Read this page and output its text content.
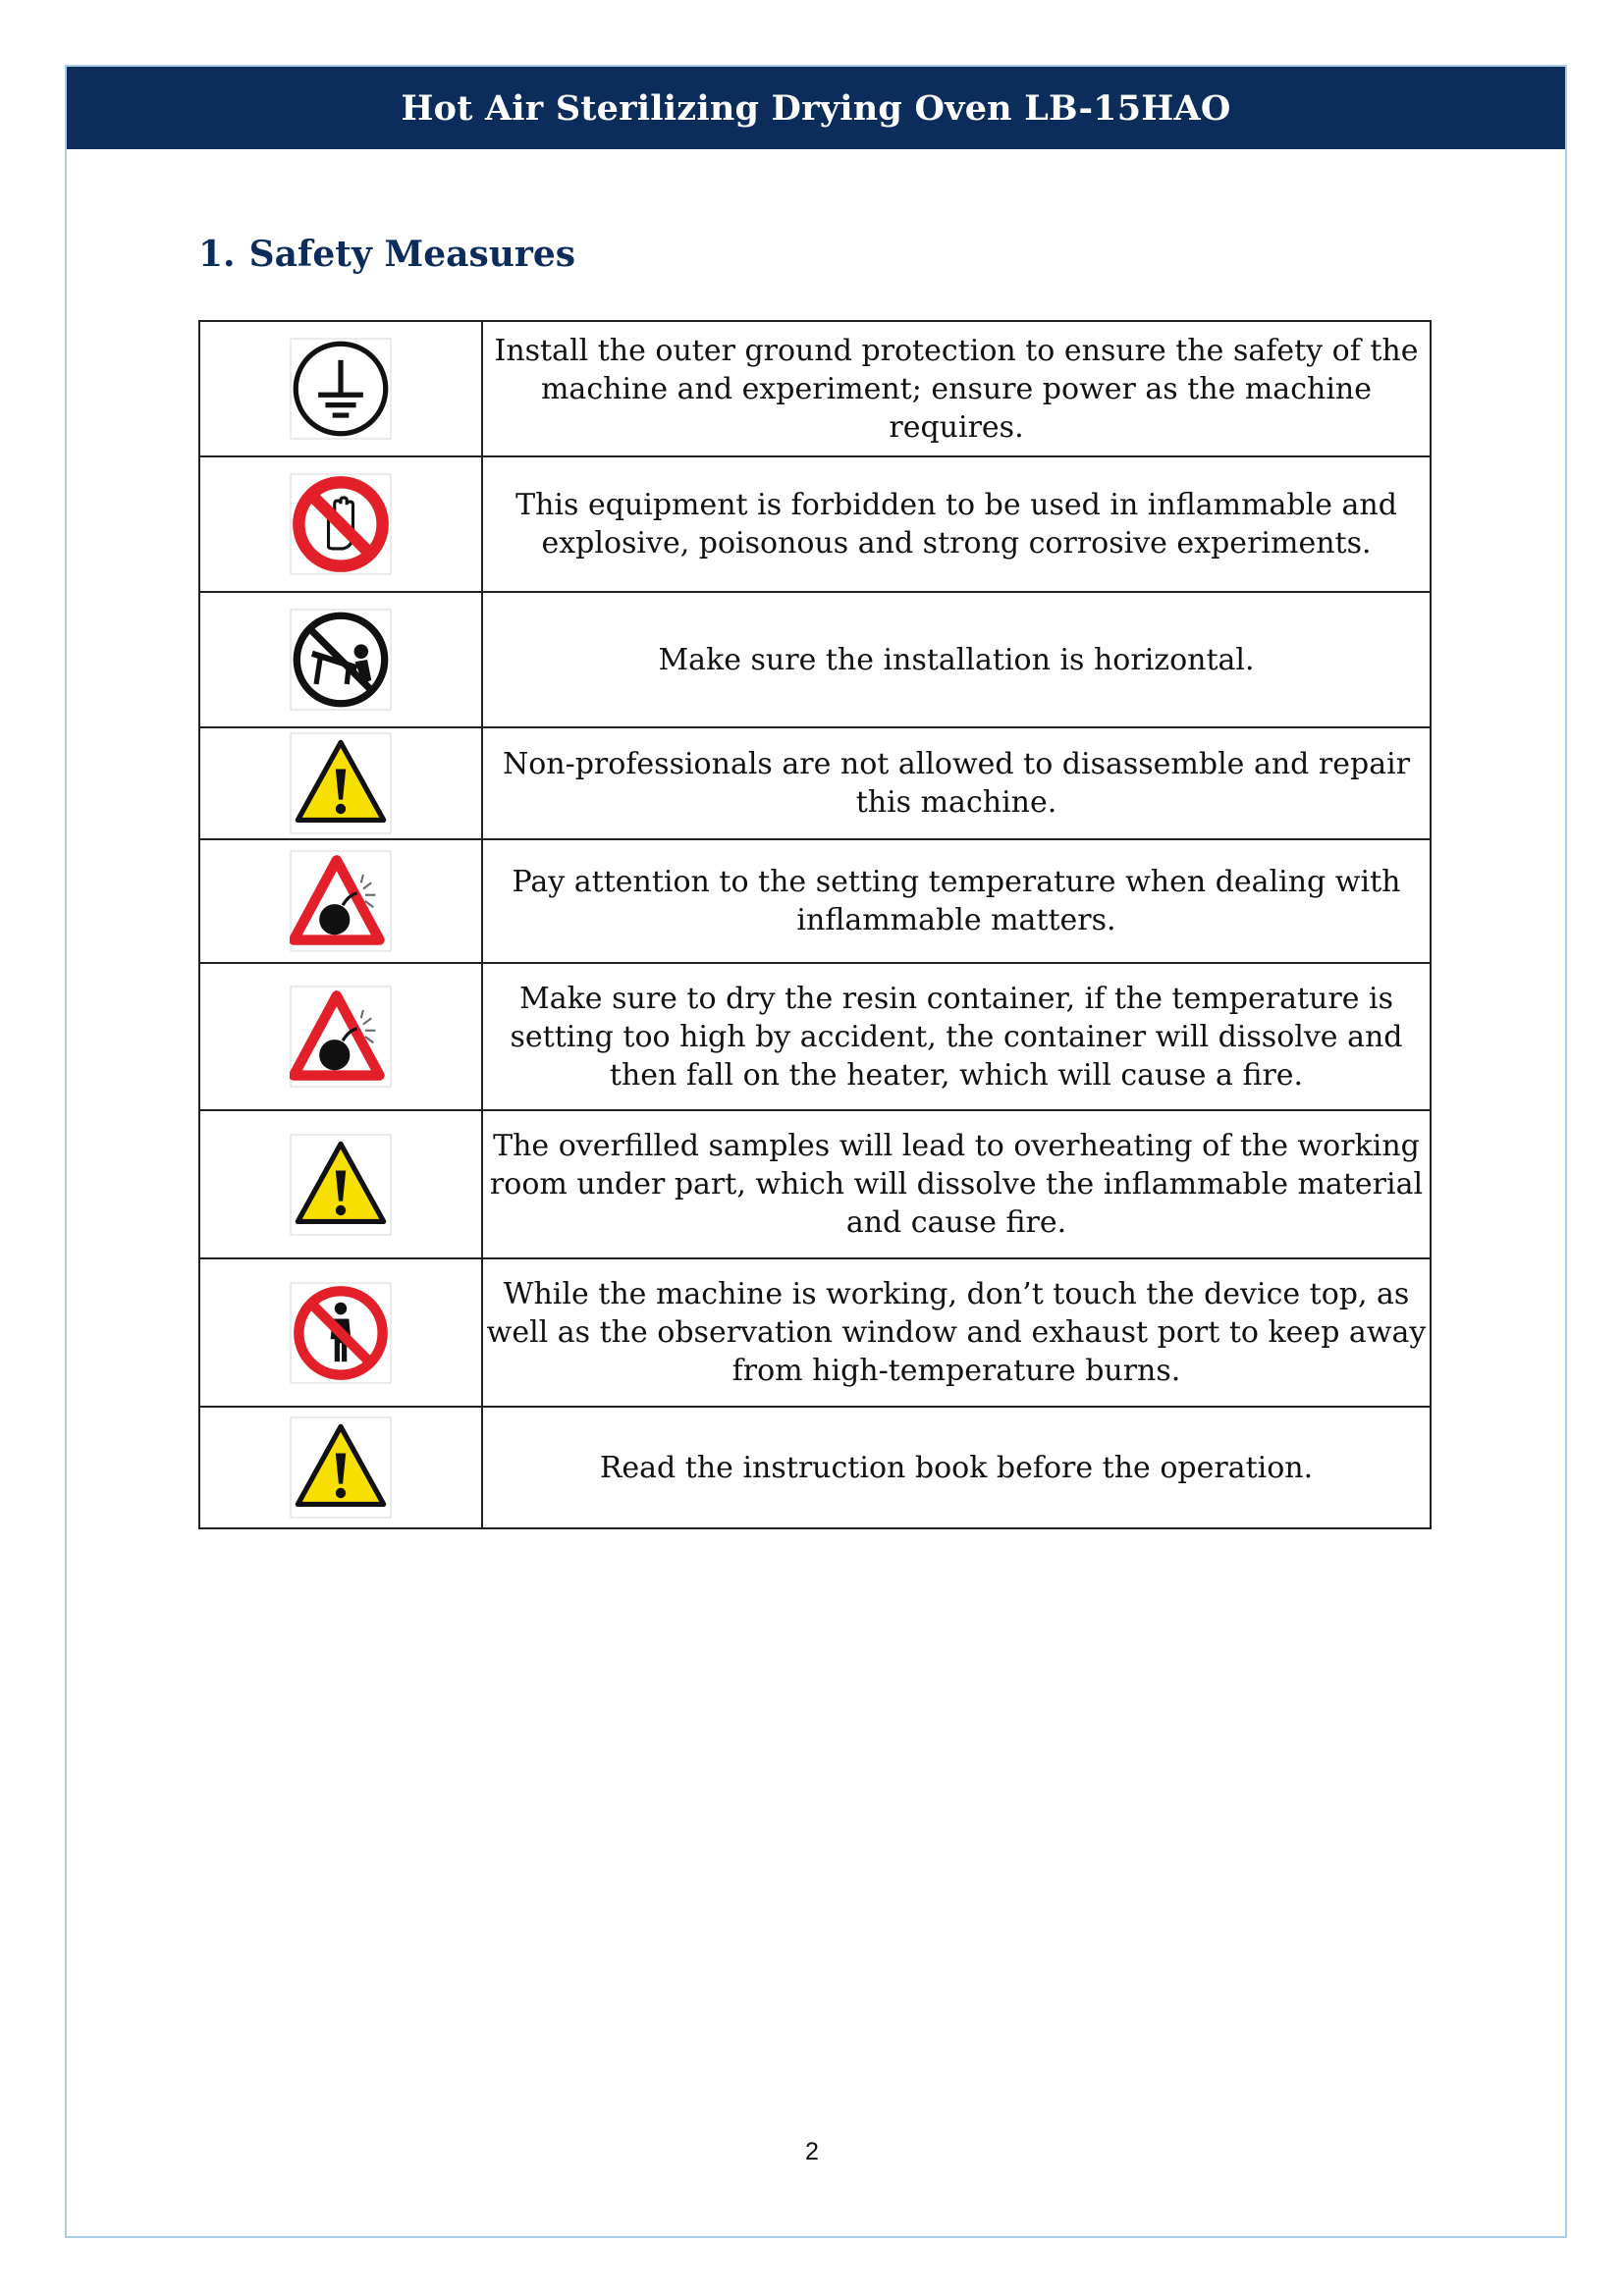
Hot Air Sterilizing Drying Oven LB-15HAO
1. Safety Measures
	Install the outer ground protection to ensure the safety of the machine and experiment; ensure power as the machine requires.

	This equipment is forbidden to be used in inflammable and explosive, poisonous and strong corrosive experiments.

	Make sure the installation is horizontal.

	Non-professionals are not allowed to disassemble and repair this machine.

	Pay attention to the setting temperature when dealing with inflammable matters.

	Make sure to dry the resin container, if the temperature is setting too high by accident, the container will dissolve and then fall on the heater, which will cause a fire.

	The overfilled samples will lead to overheating of the working room under part, which will dissolve the inflammable material and cause fire.

	While the machine is working, don’t touch the device top, as well as the observation window and exhaust port to keep away from high-temperature burns.

	Read the instruction book before the operation.
2
